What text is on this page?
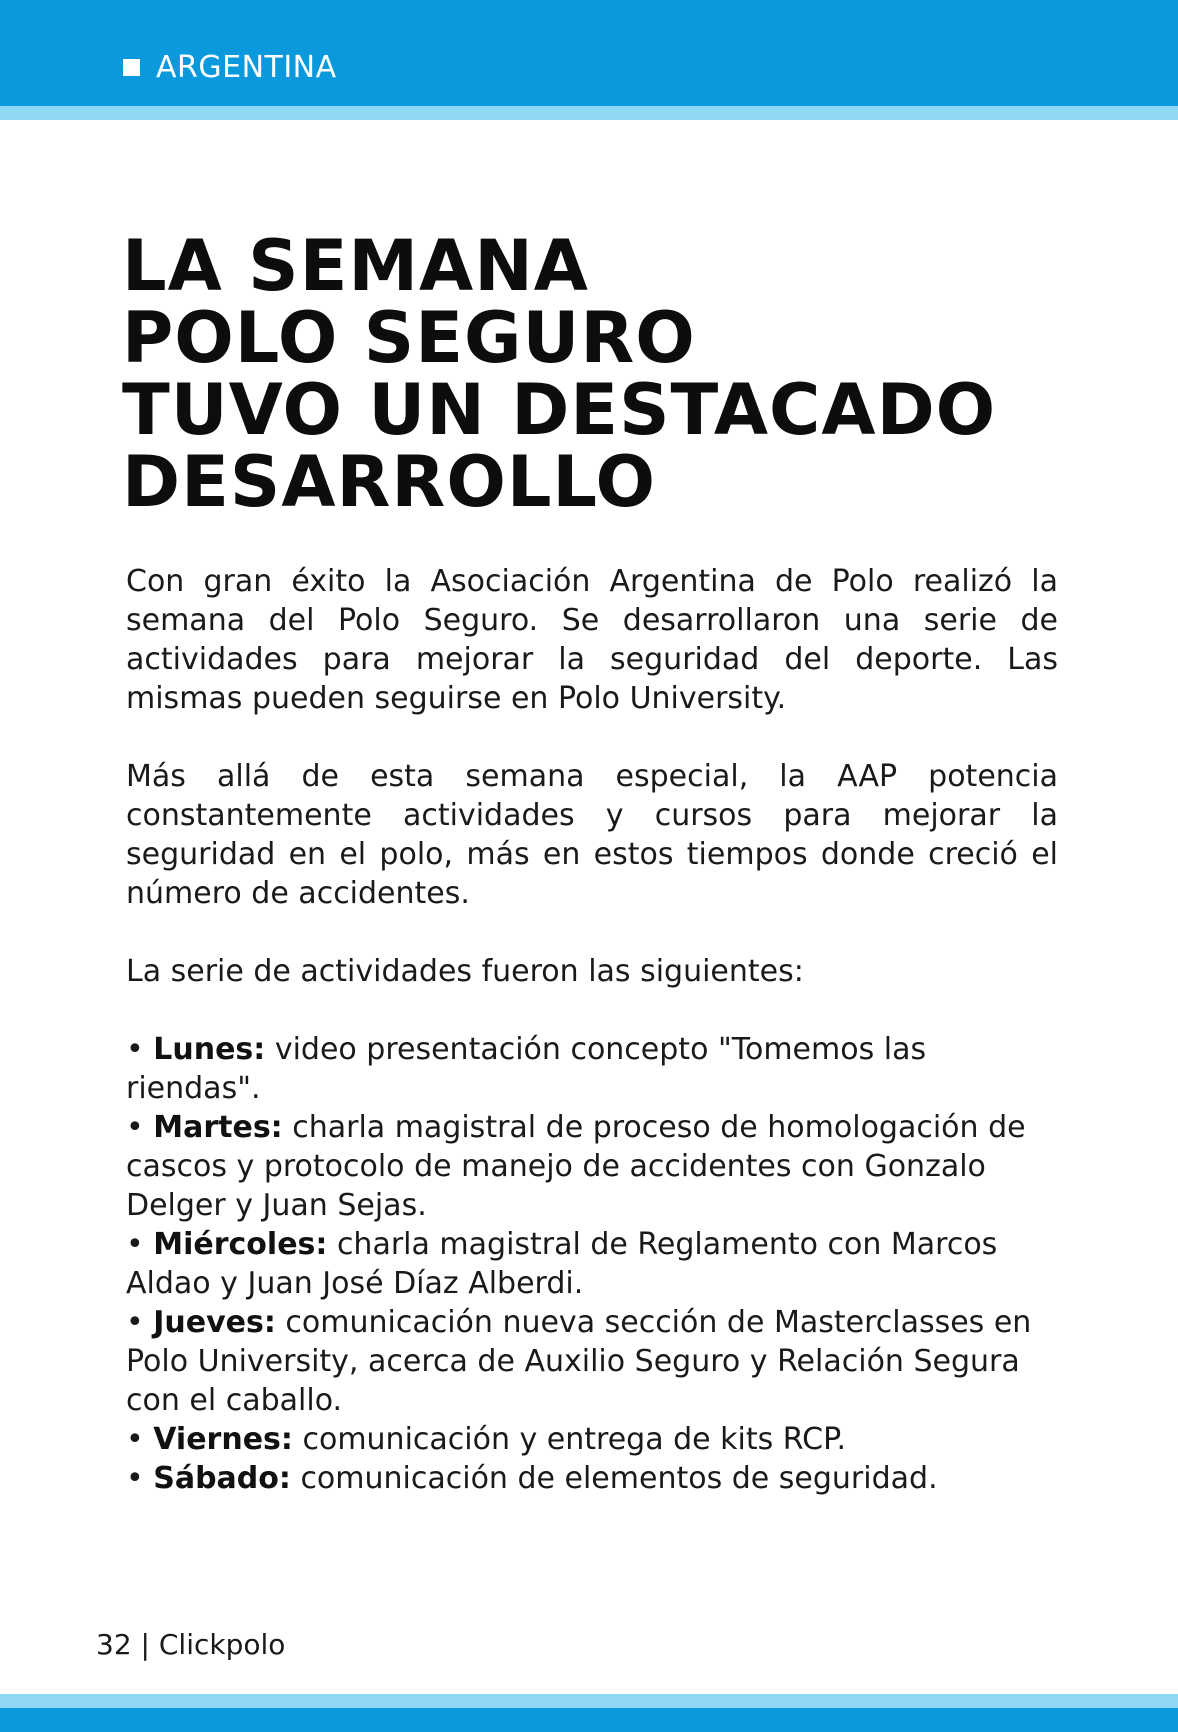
ARGENTINA
LA SEMANA
POLO SEGURO
TUVO UN DESTACADO
DESARROLLO

Con gran éxito la Asociación Argentina de Polo realizó la semana del Polo Seguro. Se desarrollaron una serie de actividades para mejorar la seguridad del deporte. Las mismas pueden seguirse en Polo University.

Más allá de esta semana especial, la AAP potencia constantemente actividades y cursos para mejorar la seguridad en el polo, más en estos tiempos donde creció el número de accidentes.

La serie de actividades fueron las siguientes:

• Lunes: video presentación concepto "Tomemos las riendas".
• Martes: charla magistral de proceso de homologación de cascos y protocolo de manejo de accidentes con Gonzalo Delger y Juan Sejas.
• Miércoles: charla magistral de Reglamento con Marcos Aldao y Juan José Díaz Alberdi.
• Jueves: comunicación nueva sección de Masterclasses en Polo University, acerca de Auxilio Seguro y Relación Segura con el caballo.
• Viernes: comunicación y entrega de kits RCP.
• Sábado: comunicación de elementos de seguridad.
32 | Clickpolo
